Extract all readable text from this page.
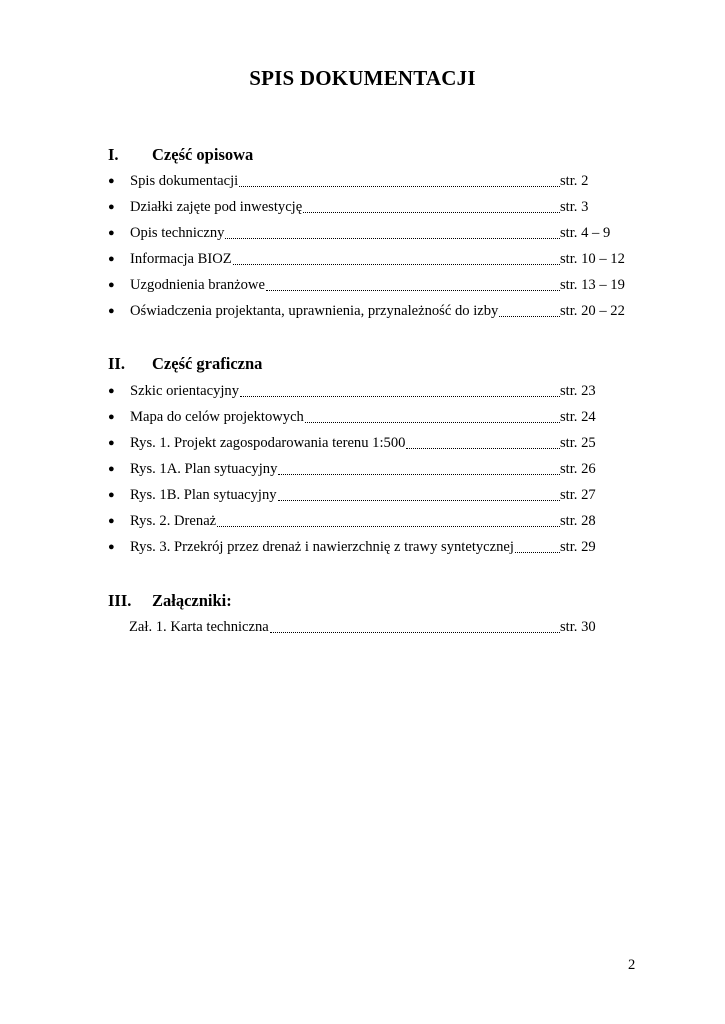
SPIS DOKUMENTACJI
I. Część opisowa
● Spis dokumentacji	str. 2
● Działki zajęte pod inwestycję	str. 3
● Opis techniczny	str. 4 – 9
● Informacja BIOZ	str. 10 – 12
● Uzgodnienia branżowe	str. 13 – 19
● Oświadczenia projektanta, uprawnienia, przynależność do izby	str. 20 – 22
II. Część graficzna
● Szkic orientacyjny	str. 23
● Mapa do celów projektowych	str. 24
● Rys. 1. Projekt zagospodarowania terenu 1:500	str. 25
● Rys. 1A. Plan sytuacyjny	str. 26
● Rys. 1B. Plan sytuacyjny	str. 27
● Rys. 2. Drenaż	str. 28
● Rys. 3. Przekrój przez drenaż i nawierzchnię z trawy syntetycznej	str. 29
III. Załączniki:
Zał. 1. Karta techniczna	str. 30
2
